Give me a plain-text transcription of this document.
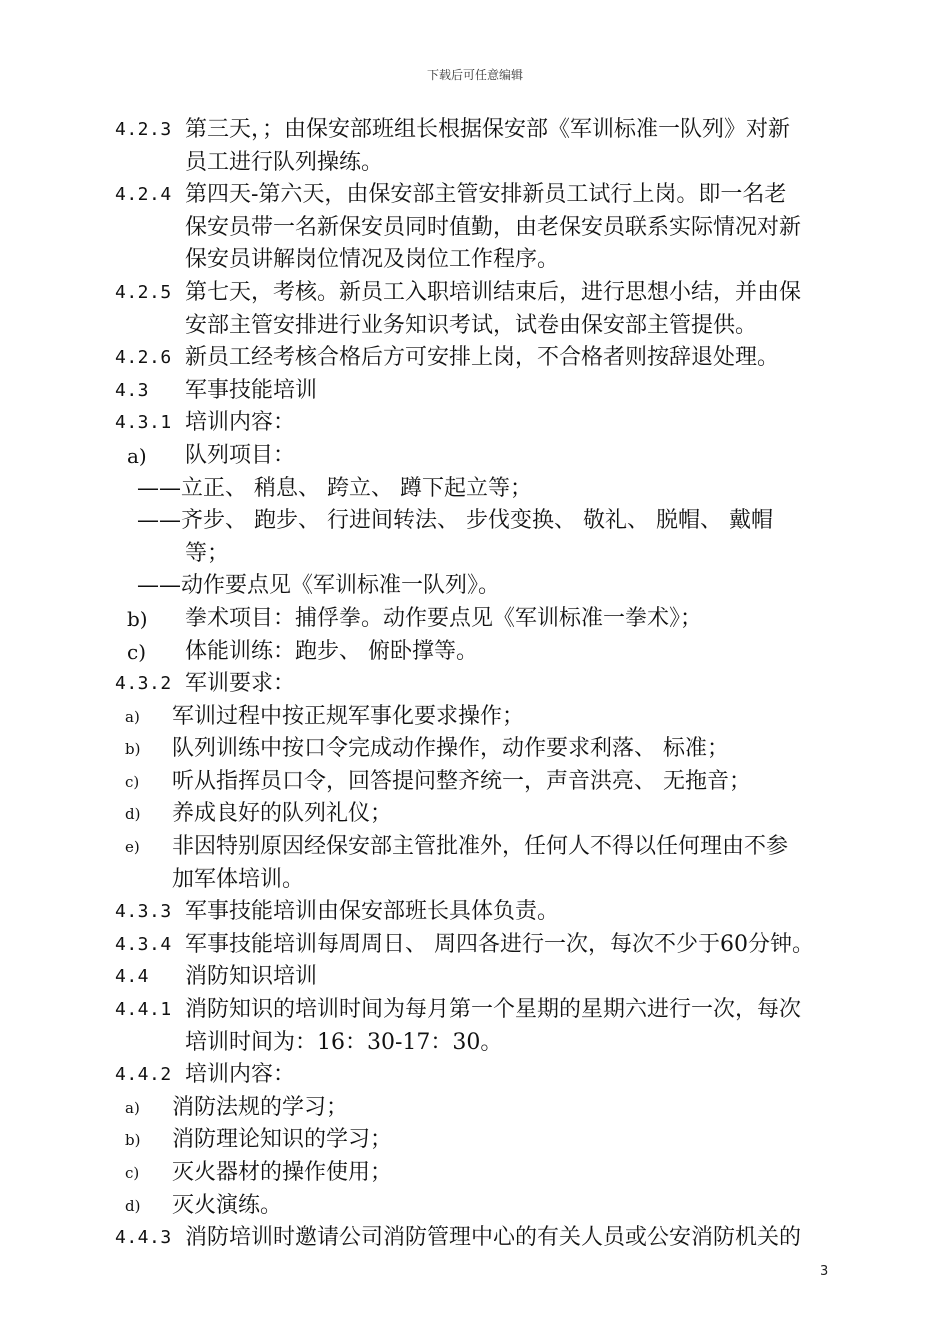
下载后可任意编辑
4.2.3 第三天，；由保安部班组长根据保安部《军训标准一队列》对新
员工进行队列操练。
4.2.4 第四天-第六天，由保安部主管安排新员工试行上岗。即一名老
保安员带一名新保安员同时值勤，由老保安员联系实际情况对新
保安员讲解岗位情况及岗位工作程序。
4.2.5 第七天，考核。新员工入职培训结束后，进行思想小结，并由保
安部主管安排进行业务知识考试，试卷由保安部主管提供。
4.2.6 新员工经考核合格后方可安排上岗，不合格者则按辞退处理。
4.3 军事技能培训
4.3.1 培训内容：
a) 队列项目：
——立正、 稍息、 跨立、 蹲下起立等；
——齐步、 跑步、 行进间转法、 步伐变换、 敬礼、 脱帽、 戴帽
等；
——动作要点见《军训标准一队列》。
b) 拳术项目：捕俘拳。动作要点见《军训标准一拳术》；
c) 体能训练：跑步、 俯卧撑等。
4.3.2 军训要求：
a) 军训过程中按正规军事化要求操作；
b) 队列训练中按口令完成动作操作，动作要求利落、 标准；
c) 听从指挥员口令，回答提问整齐统一，声音洪亮、 无拖音；
d) 养成良好的队列礼仪；
e) 非因特别原因经保安部主管批准外，任何人不得以任何理由不参
加军体培训。
4.3.3 军事技能培训由保安部班长具体负责。
4.3.4 军事技能培训每周周日、 周四各进行一次，每次不少于60分钟。
4.4 消防知识培训
4.4.1 消防知识的培训时间为每月第一个星期的星期六进行一次，每次
培训时间为：16：30-17：30。
4.4.2 培训内容：
a) 消防法规的学习；
b) 消防理论知识的学习；
c) 灭火器材的操作使用；
d) 灭火演练。
4.4.3 消防培训时邀请公司消防管理中心的有关人员或公安消防机关的
3
